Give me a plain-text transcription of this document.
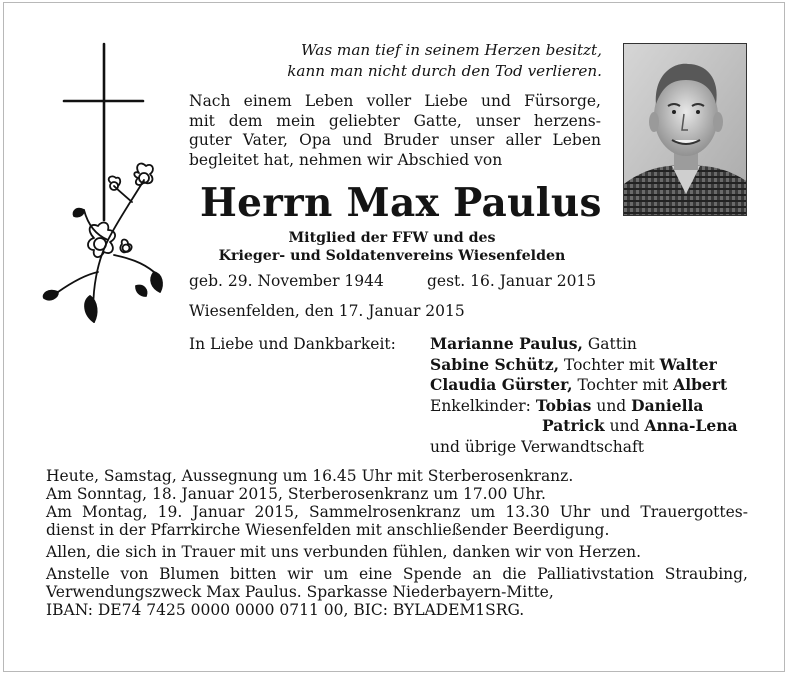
Was man tief in seinem Herzen besitzt,
kann man nicht durch den Tod verlieren.
Nach einem Leben voller Liebe und Fürsorge,
mit dem mein geliebter Gatte, unser herzens-
guter Vater, Opa und Bruder unser aller Leben
begleitet hat, nehmen wir Abschied von
Herrn Max Paulus
Mitglied der FFW und des
Krieger- und Soldatenvereins Wiesenfelden
geb. 29. November 1944	gest. 16. Januar 2015
Wiesenfelden, den 17. Januar 2015
In Liebe und Dankbarkeit: Marianne Paulus, Gattin
Sabine Schütz, Tochter mit Walter
Claudia Gürster, Tochter mit Albert
Enkelkinder: Tobias und Daniella
Patrick und Anna-Lena
und übrige Verwandtschaft
Heute, Samstag, Aussegnung um 16.45 Uhr mit Sterberosenkranz.
Am Sonntag, 18. Januar 2015, Sterberosenkranz um 17.00 Uhr.
Am Montag, 19. Januar 2015, Sammelrosenkranz um 13.30 Uhr und Trauergottes-
dienst in der Pfarrkirche Wiesenfelden mit anschließender Beerdigung.
Allen, die sich in Trauer mit uns verbunden fühlen, danken wir von Herzen.
Anstelle von Blumen bitten wir um eine Spende an die Palliativstation Straubing,
Verwendungszweck Max Paulus. Sparkasse Niederbayern-Mitte,
IBAN: DE74 7425 0000 0000 0711 00, BIC: BYLADEM1SRG.
